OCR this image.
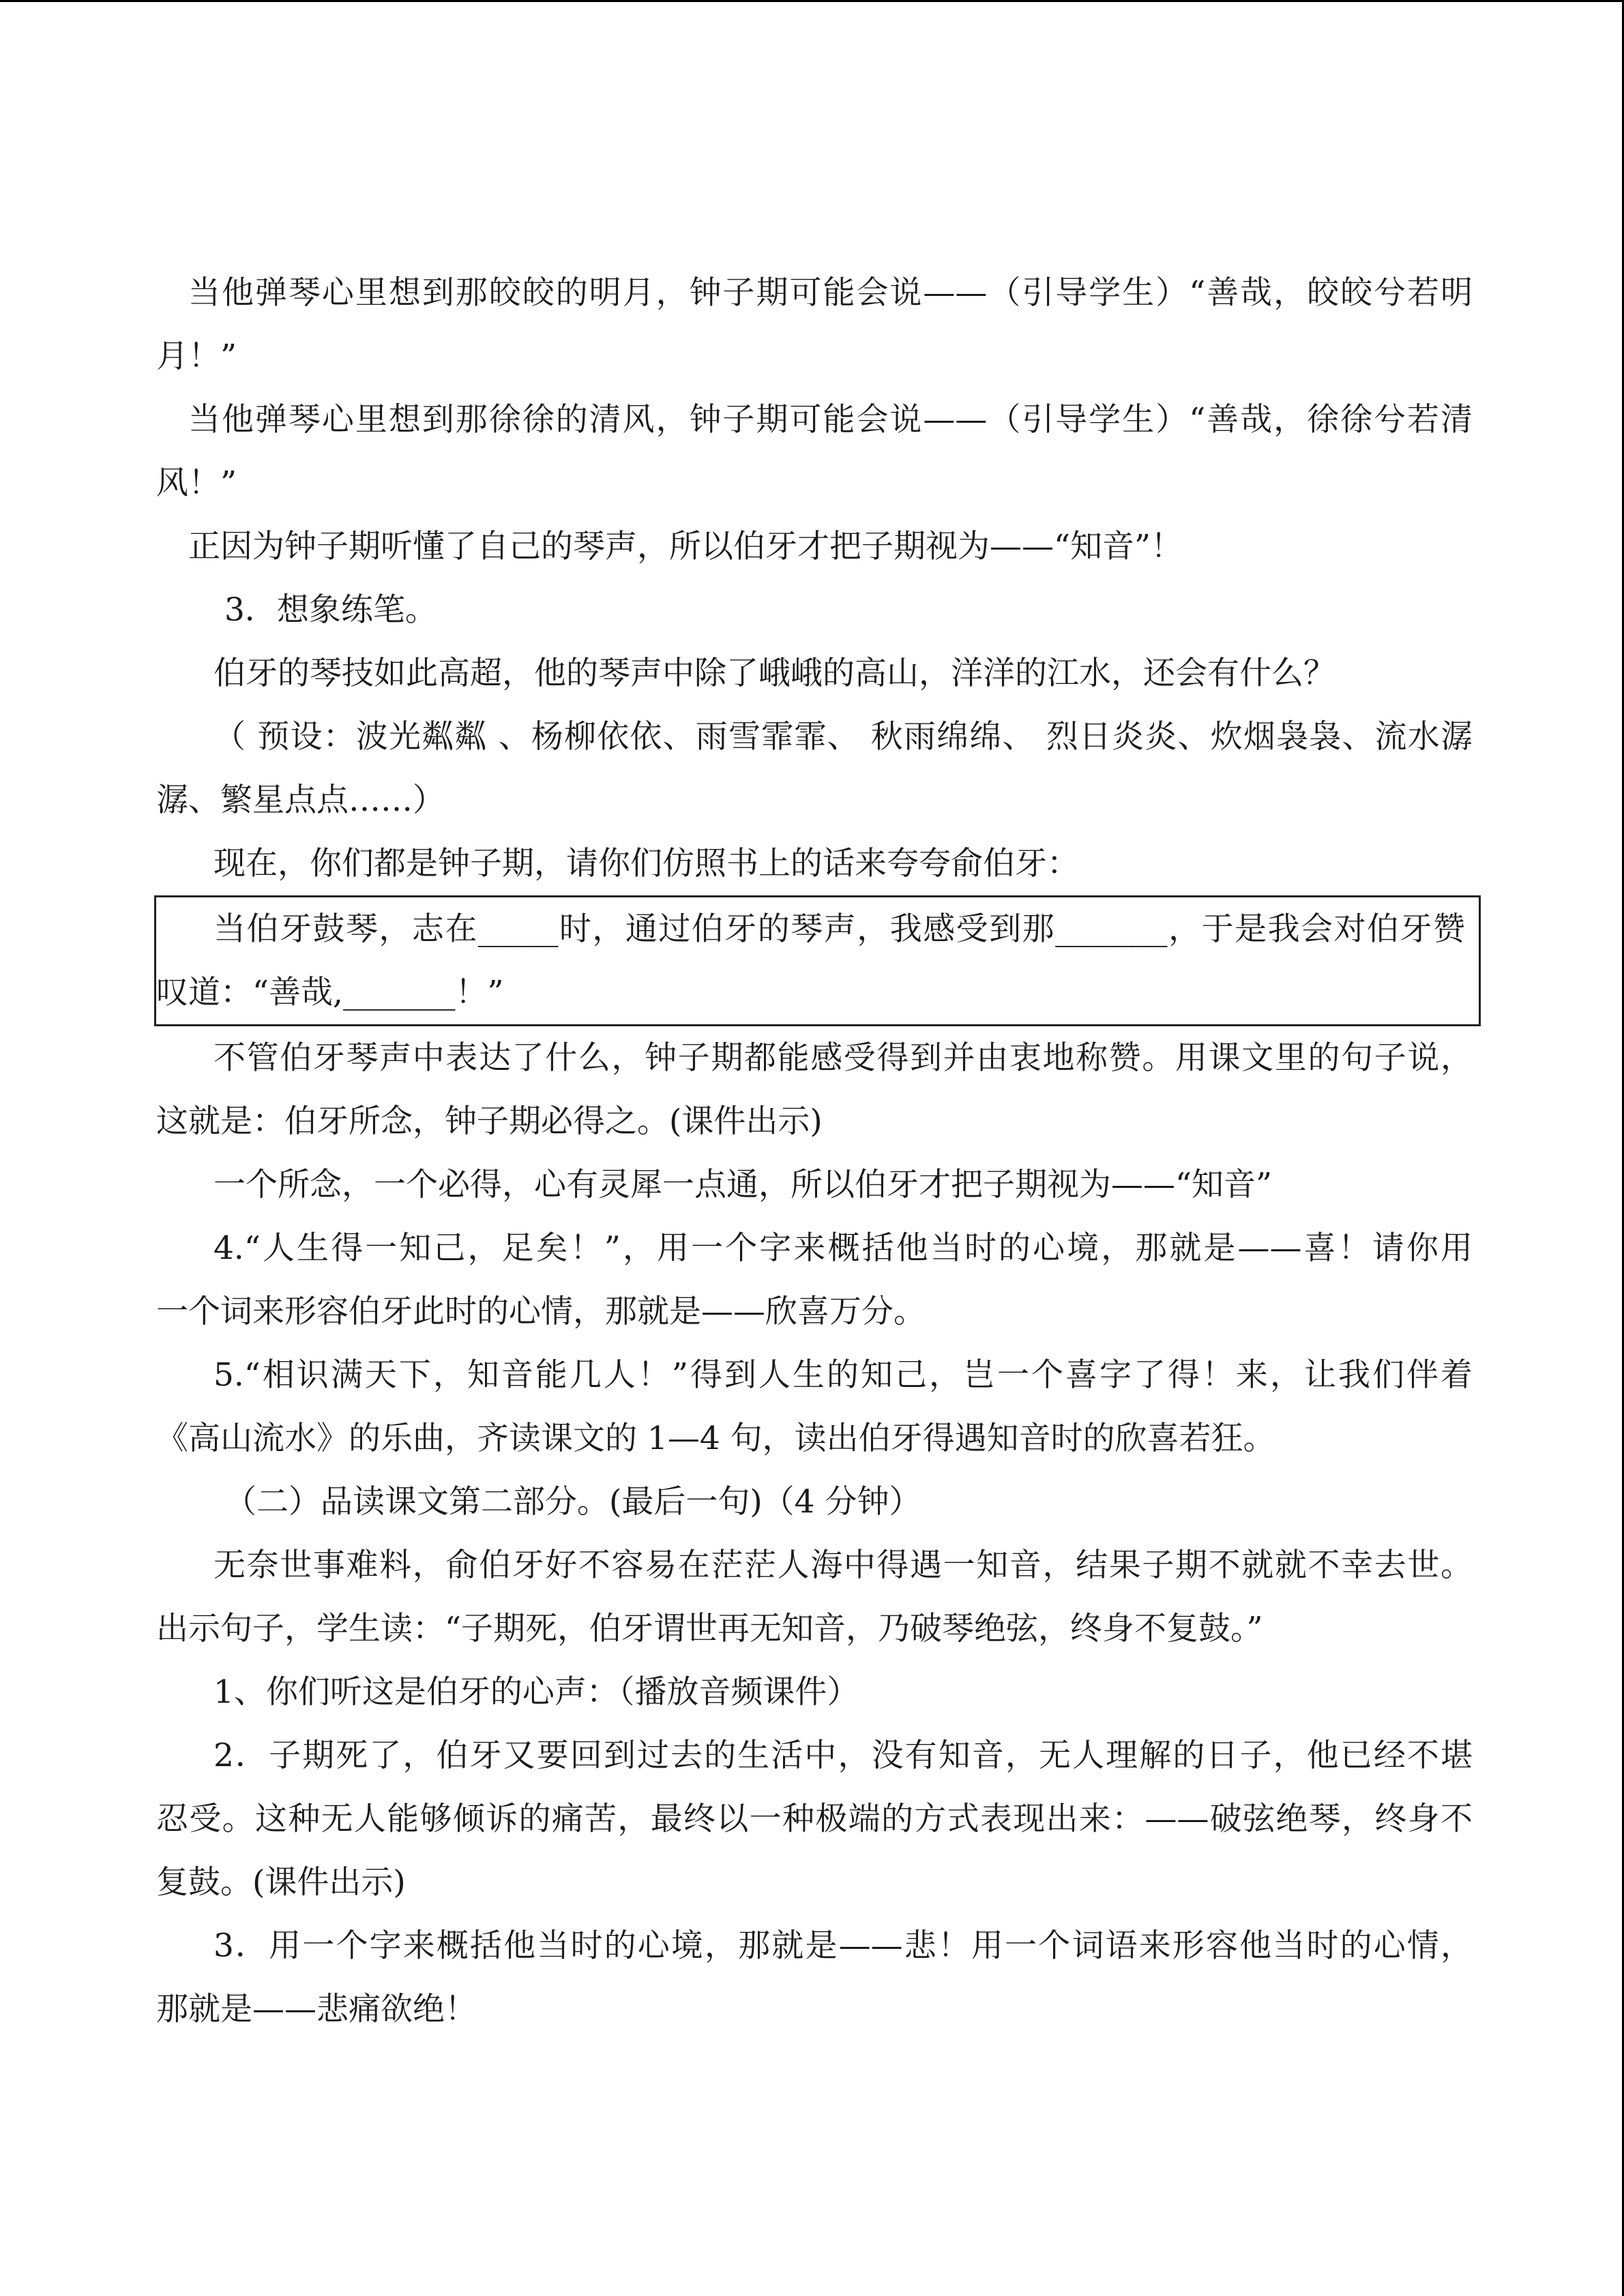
当他弹琴心里想到那皎皎的明月，钟子期可能会说——（引导学生）“善哉，皎皎兮若明
月！”
当他弹琴心里想到那徐徐的清风，钟子期可能会说——（引导学生）“善哉，徐徐兮若清
风！”
正因为钟子期听懂了自己的琴声，所以伯牙才把子期视为——“知音”！
3．想象练笔。
伯牙的琴技如此高超，他的琴声中除了峨峨的高山，洋洋的江水，还会有什么？
（ 预设：波光粼粼 、杨柳依依、雨雪霏霏、 秋雨绵绵、 烈日炎炎、炊烟袅袅、流水潺
潺、繁星点点……）
现在，你们都是钟子期，请你们仿照书上的话来夸夸俞伯牙：
当伯牙鼓琴，志在_____时，通过伯牙的琴声，我感受到那_______，于是我会对伯牙赞
叹道：“善哉,_______！”
不管伯牙琴声中表达了什么，钟子期都能感受得到并由衷地称赞。用课文里的句子说，
这就是：伯牙所念，钟子期必得之。(课件出示)
一个所念，一个必得，心有灵犀一点通，所以伯牙才把子期视为——“知音”
4.“人生得一知己，足矣！”，用一个字来概括他当时的心境，那就是——喜！请你用
一个词来形容伯牙此时的心情，那就是——欣喜万分。
5.“相识满天下，知音能几人！”得到人生的知己，岂一个喜字了得！来，让我们伴着
《高山流水》的乐曲，齐读课文的 1—4 句，读出伯牙得遇知音时的欣喜若狂。
（二）品读课文第二部分。(最后一句)（4 分钟）
无奈世事难料，俞伯牙好不容易在茫茫人海中得遇一知音，结果子期不就就不幸去世。
出示句子，学生读：“子期死，伯牙谓世再无知音，乃破琴绝弦，终身不复鼓。”
1、你们听这是伯牙的心声：（播放音频课件）
2．子期死了，伯牙又要回到过去的生活中，没有知音，无人理解的日子，他已经不堪
忍受。这种无人能够倾诉的痛苦，最终以一种极端的方式表现出来：——破弦绝琴，终身不
复鼓。(课件出示)
3．用一个字来概括他当时的心境，那就是——悲！用一个词语来形容他当时的心情，
那就是——悲痛欲绝！
